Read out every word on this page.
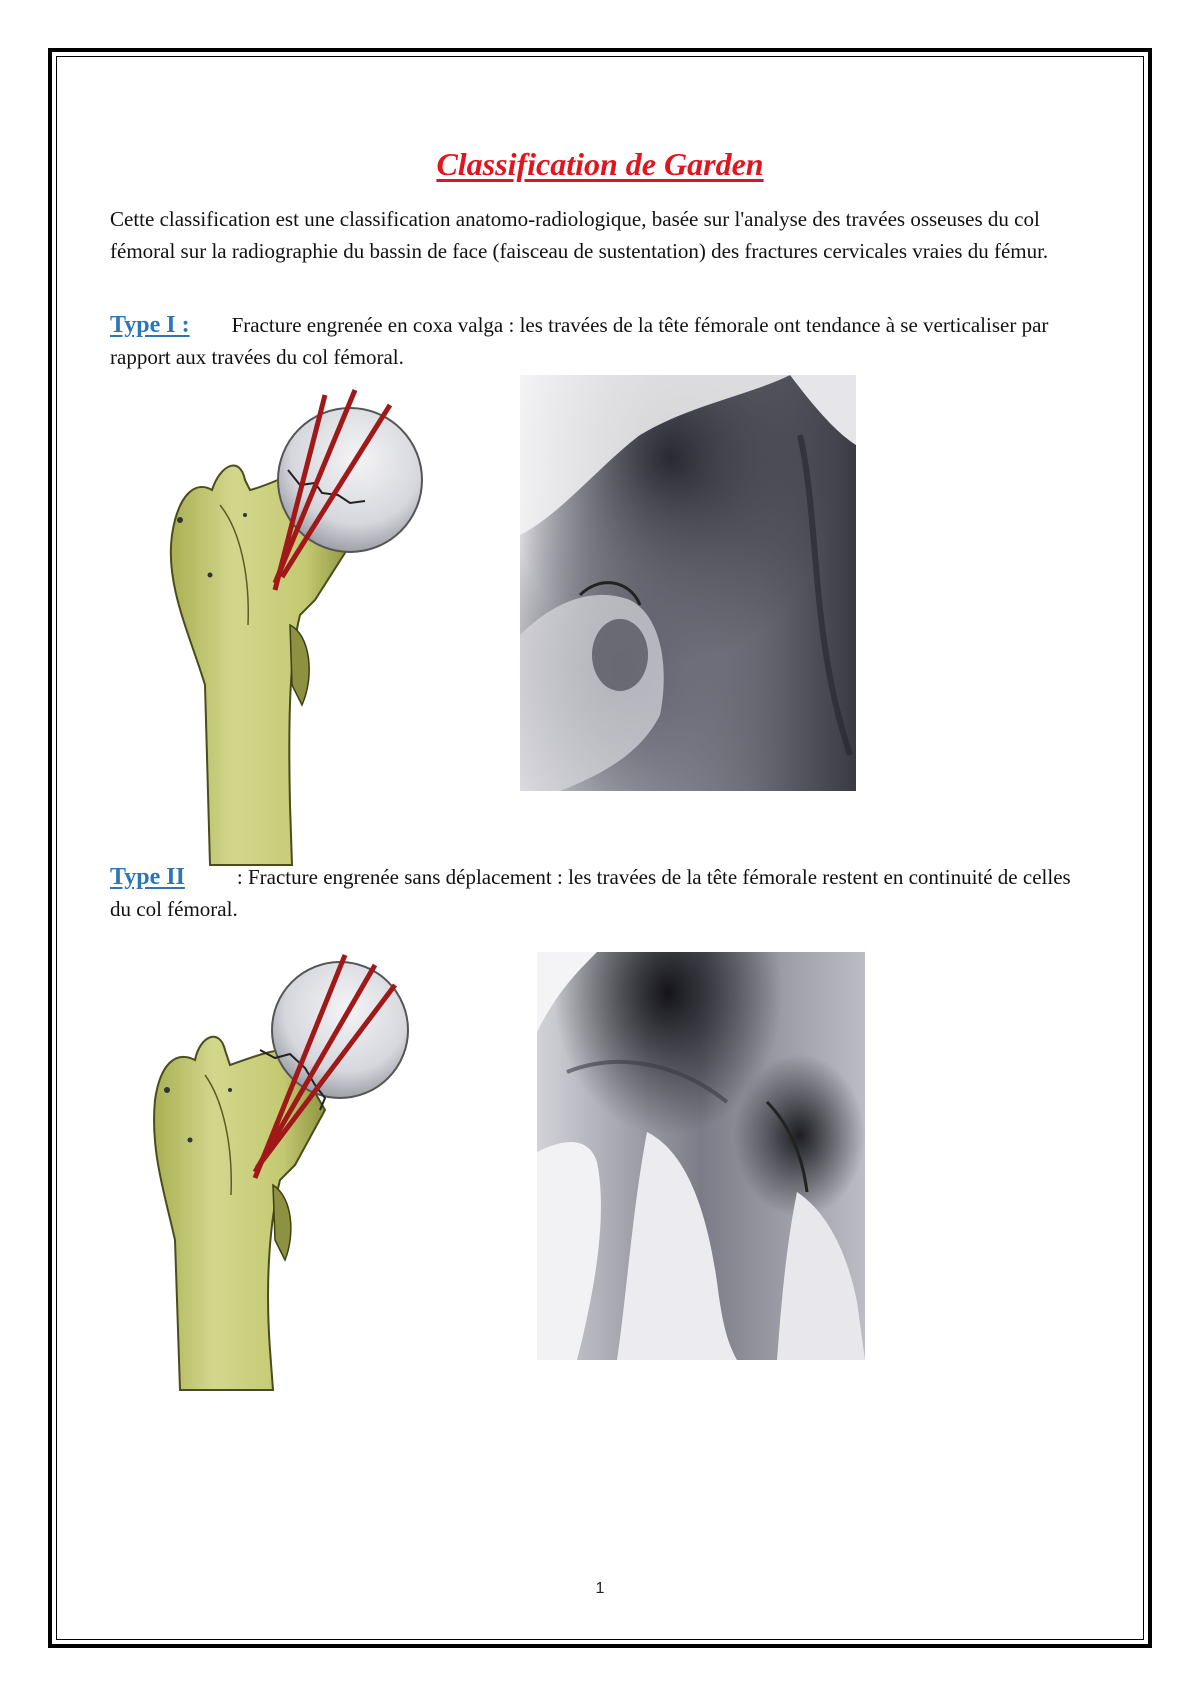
Classification de Garden
Cette classification est une classification anatomo-radiologique, basée sur l'analyse des travées osseuses du col fémoral sur la radiographie du bassin de face (faisceau de sustentation) des fractures cervicales vraies du fémur.
Type I : Fracture engrenée en coxa valga : les travées de la tête fémorale ont tendance à se verticaliser par rapport aux travées du col fémoral.
Type II : Fracture engrenée sans déplacement : les travées de la tête fémorale restent en continuité de celles du col fémoral.
1
